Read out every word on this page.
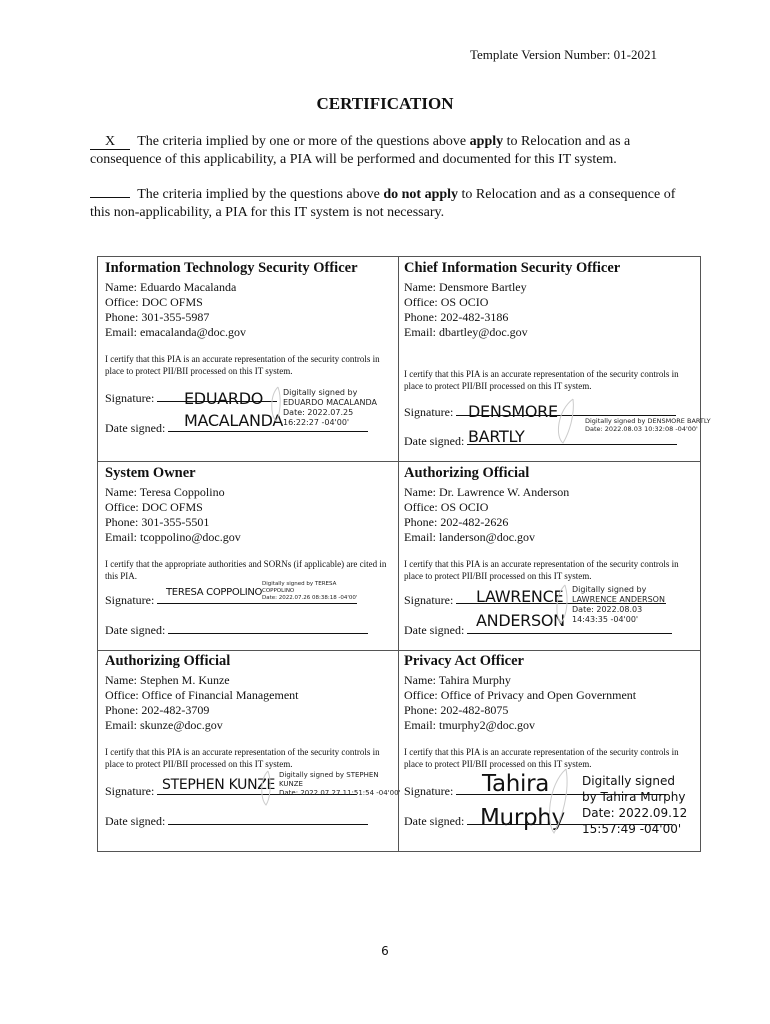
Template Version Number: 01-2021
CERTIFICATION
X The criteria implied by one or more of the questions above apply to Relocation and as a consequence of this applicability, a PIA will be performed and documented for this IT system.
The criteria implied by the questions above do not apply to Relocation and as a consequence of this non-applicability, a PIA for this IT system is not necessary.
Information Technology Security Officer
Name: Eduardo Macalanda
Office: DOC OFMS
Phone: 301-355-5987
Email: emacalanda@doc.gov
I certify that this PIA is an accurate representation of the security controls in place to protect PII/BII processed on this IT system.
Signature:
Date signed:
EDUARDO
MACALANDA
Digitally signed by
EDUARDO MACALANDA
Date: 2022.07.25
16:22:27 -04'00'
Chief Information Security Officer
Name: Densmore Bartley
Office: OS OCIO
Phone: 202-482-3186
Email: dbartley@doc.gov
I certify that this PIA is an accurate representation of the security controls in place to protect PII/BII processed on this IT system.
Signature:
Date signed:
DENSMORE
BARTLY
Digitally signed by DENSMORE BARTLY
Date: 2022.08.03 10:32:08 -04'00'
System Owner
Name: Teresa Coppolino
Office: DOC OFMS
Phone: 301-355-5501
Email: tcoppolino@doc.gov
I certify that the appropriate authorities and SORNs (if applicable) are cited in this PIA.
Signature:
Date signed:
TERESA COPPOLINO
Digitally signed by TERESA
COPPOLINO
Date: 2022.07.26 08:38:18 -04'00'
Authorizing Official
Name: Dr. Lawrence W. Anderson
Office: OS OCIO
Phone: 202-482-2626
Email: landerson@doc.gov
I certify that this PIA is an accurate representation of the security controls in place to protect PII/BII processed on this IT system.
Signature:
Date signed:
LAWRENCE
ANDERSON
Digitally signed by
LAWRENCE ANDERSON
Date: 2022.08.03
14:43:35 -04'00'
Authorizing Official
Name: Stephen M. Kunze
Office: Office of Financial Management
Phone: 202-482-3709
Email: skunze@doc.gov
I certify that this PIA is an accurate representation of the security controls in place to protect PII/BII processed on this IT system.
Signature:
Date signed:
STEPHEN KUNZE
Digitally signed by STEPHEN
KUNZE
Date: 2022.07.27 11:51:54 -04'00'
Privacy Act Officer
Name: Tahira Murphy
Office: Office of Privacy and Open Government
Phone: 202-482-8075
Email: tmurphy2@doc.gov
I certify that this PIA is an accurate representation of the security controls in place to protect PII/BII processed on this IT system.
Signature:
Date signed:
Tahira
Murphy
Digitally signed
by Tahira Murphy
Date: 2022.09.12
15:57:49 -04'00'
6
